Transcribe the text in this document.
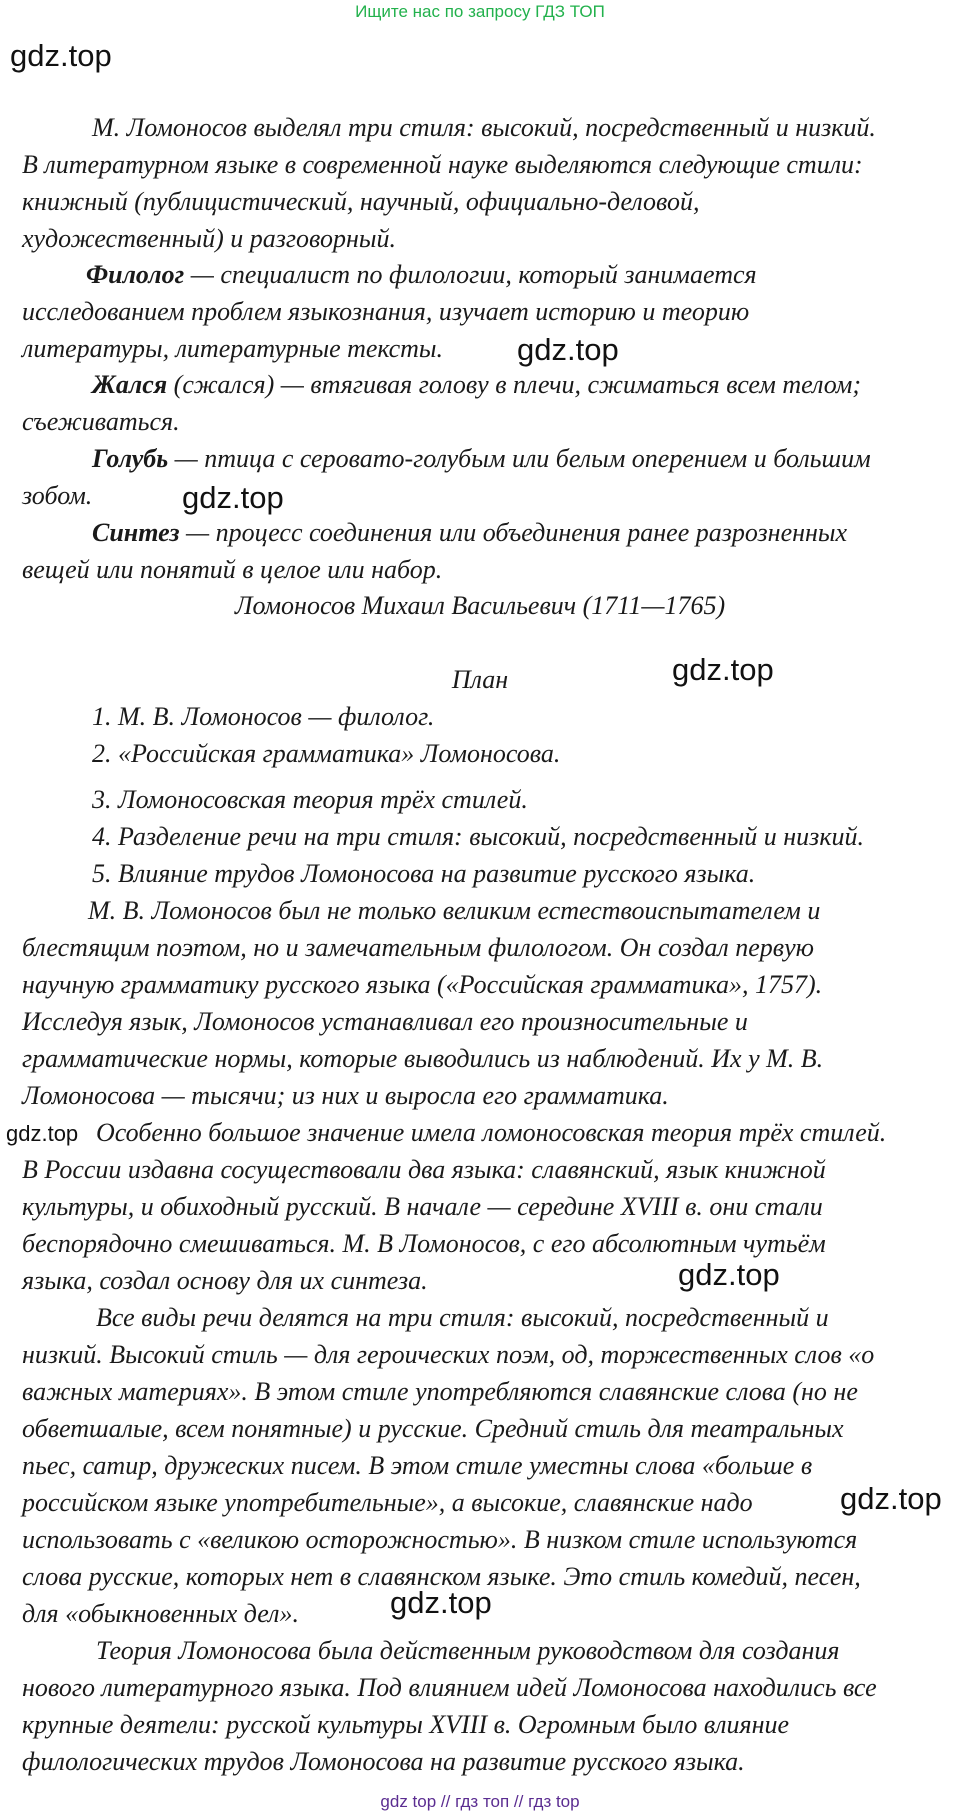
Ищите нас по запросу ГДЗ ТОП
gdz.top
gdz.top
gdz.top
gdz.top
gdz.top
gdz.top
gdz.top
gdz.top
М. Ломоносов выделял три стиля: высокий, посредственный и низкий.
В литературном языке в современной науке выделяются следующие стили:
книжный (публицистический, научный, официально-деловой,
художественный) и разговорный.
Филолог — специалист по филологии, который занимается
исследованием проблем языкознания, изучает историю и теорию
литературы, литературные тексты.
Жался (сжался) — втягивая голову в плечи, сжиматься всем телом;
съеживаться.
Голубь — птица с серовато-голубым или белым оперением и большим
зобом.
Синтез — процесс соединения или объединения ранее разрозненных
вещей или понятий в целое или набор.
Ломоносов Михаил Васильевич (1711—1765)
План
1. М. В. Ломоносов — филолог.
2. «Российская грамматика» Ломоносова.
3. Ломоносовская теория трёх стилей.
4. Разделение речи на три стиля: высокий, посредственный и низкий.
5. Влияние трудов Ломоносова на развитие русского языка.
М. В. Ломоносов был не только великим естествоиспытателем и
блестящим поэтом, но и замечательным филологом. Он создал первую
научную грамматику русского языка («Российская грамматика», 1757).
Исследуя язык, Ломоносов устанавливал его произносительные и
грамматические нормы, которые выводились из наблюдений. Их у М. В.
Ломоносова — тысячи; из них и выросла его грамматика.
Особенно большое значение имела ломоносовская теория трёх стилей.
В России издавна сосуществовали два языка: славянский, язык книжной
культуры, и обиходный русский. В начале — середине XVIII в. они стали
беспорядочно смешиваться. М. В Ломоносов, с его абсолютным чутьём
языка, создал основу для их синтеза.
Все виды речи делятся на три стиля: высокий, посредственный и
низкий. Высокий стиль — для героических поэм, од, торжественных слов «о
важных материях». В этом стиле употребляются славянские слова (но не
обветшалые, всем понятные) и русские. Средний стиль для театральных
пьес, сатир, дружеских писем. В этом стиле уместны слова «больше в
российском языке употребительные», а высокие, славянские надо
использовать с «великою осторожностью». В низком стиле используются
слова русские, которых нет в славянском языке. Это стиль комедий, песен,
для «обыкновенных дел».
Теория Ломоносова была действенным руководством для создания
нового литературного языка. Под влиянием идей Ломоносова находились все
крупные деятели: русской культуры XVIII в. Огромным было влияние
филологических трудов Ломоносова на развитие русского языка.
gdz top // гдз топ // гдз top
